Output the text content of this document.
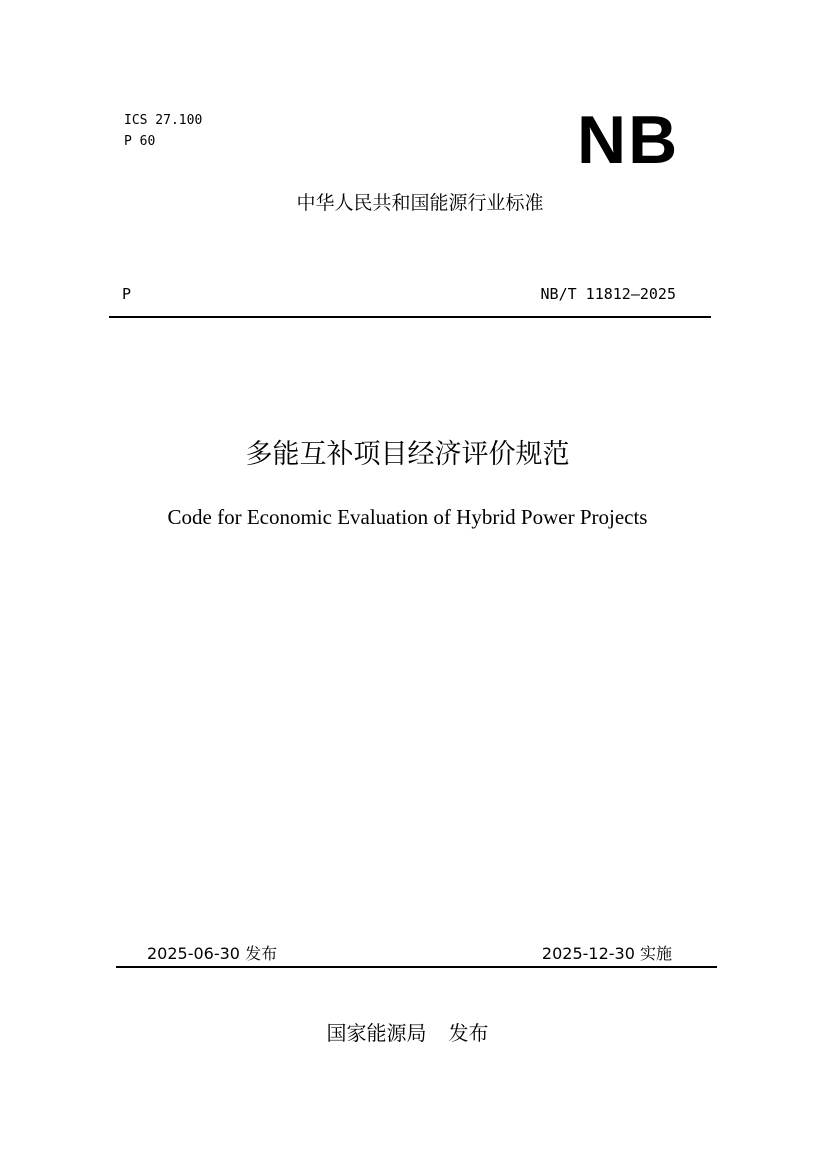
ICS 27.100
P 60	NB
中华人民共和国能源行业标准
P	NB/T 11812—2025
多能互补项目经济评价规范
Code for Economic Evaluation of Hybrid Power Projects
2025-06-30 发布	2025-12-30 实施
国家能源局 发布
